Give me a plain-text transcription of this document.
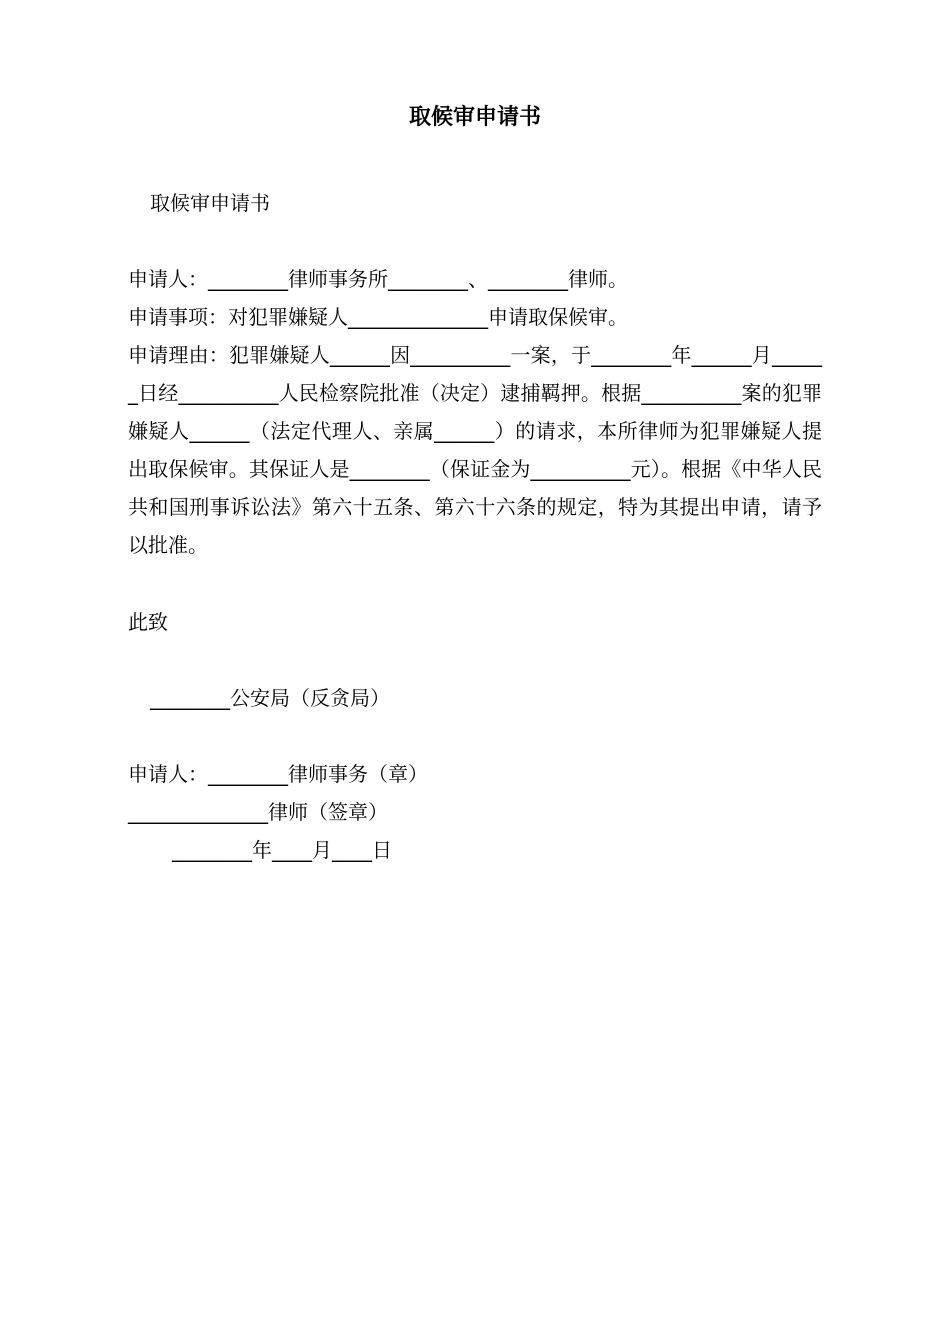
取候审申请书
取候审申请书
申请人：________律师事务所________、________律师。
申请事项：对犯罪嫌疑人______________申请取保候审。
申请理由：犯罪嫌疑人______因__________一案，于________年______月______日经__________人民检察院批准（决定）逮捕羁押。根据__________案的犯罪嫌疑人______（法定代理人、亲属______）的请求，本所律师为犯罪嫌疑人提出取保候审。其保证人是________（保证金为__________元）。根据《中华人民共和国刑事诉讼法》第六十五条、第六十六条的规定，特为其提出申请，请予以批准。
此致
________公安局（反贪局）
申请人：________律师事务（章）
______________律师（签章）
________年____月____日
